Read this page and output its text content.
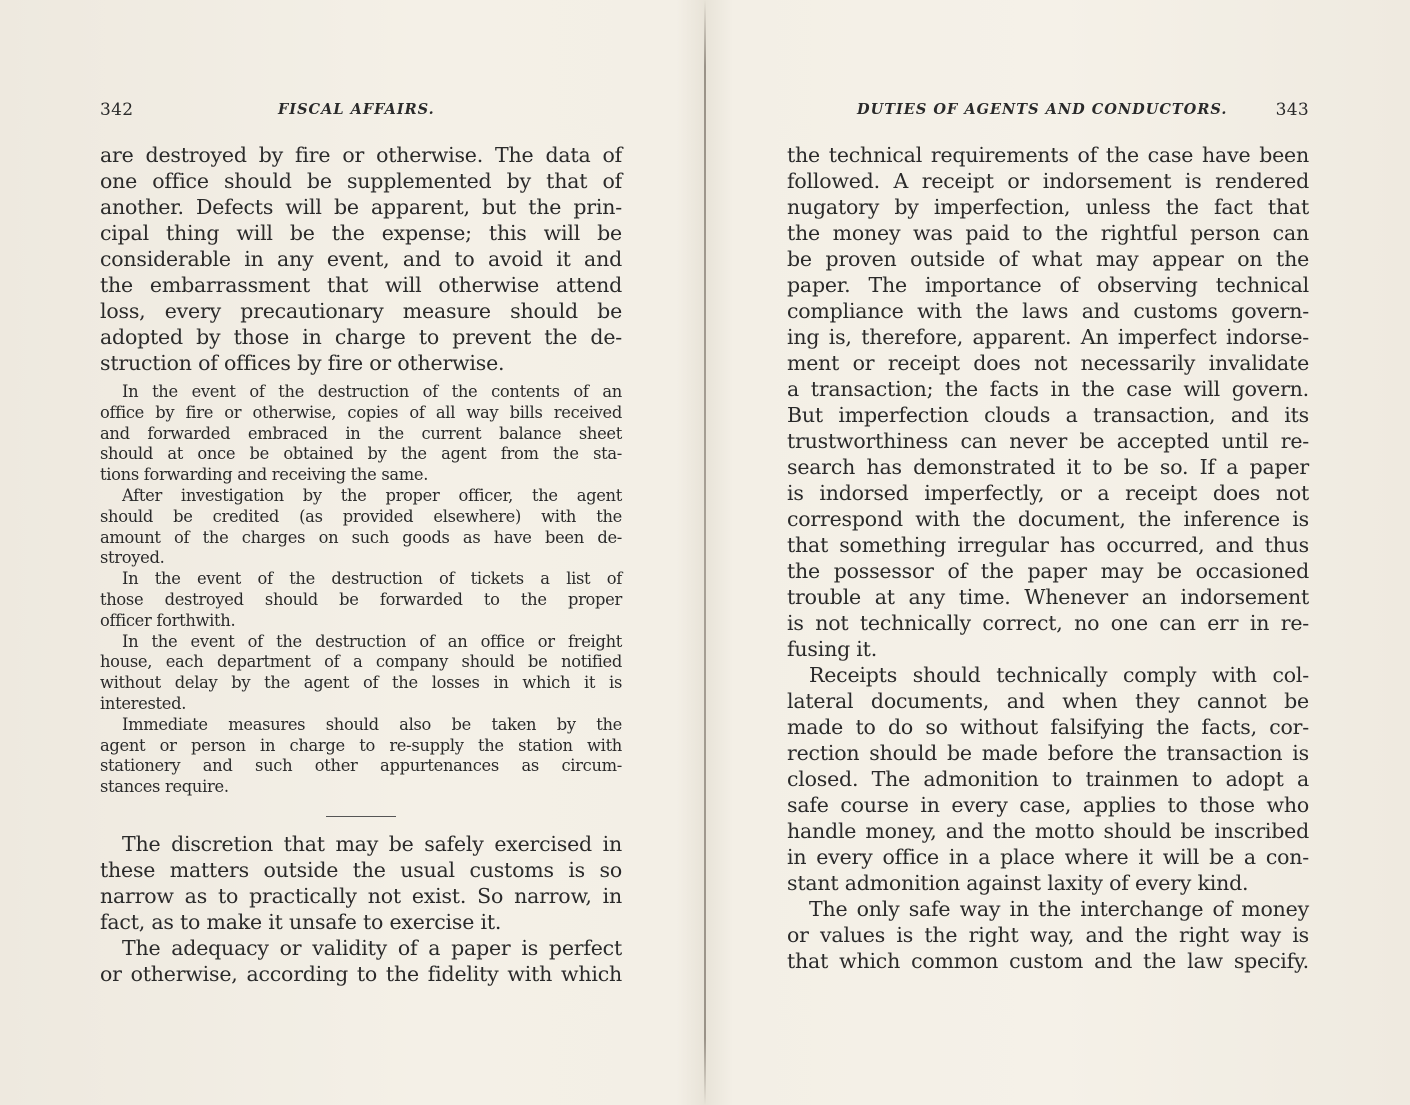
342	FISCAL AFFAIRS.
are destroyed by fire or otherwise. The data of
one office should be supplemented by that of
another. Defects will be apparent, but the prin-
cipal thing will be the expense; this will be
considerable in any event, and to avoid it and
the embarrassment that will otherwise attend
loss, every precautionary measure should be
adopted by those in charge to prevent the de-
struction of offices by fire or otherwise.
In the event of the destruction of the contents of an
office by fire or otherwise, copies of all way bills received
and forwarded embraced in the current balance sheet
should at once be obtained by the agent from the sta-
tions forwarding and receiving the same.
After investigation by the proper officer, the agent
should be credited (as provided elsewhere) with the
amount of the charges on such goods as have been de-
stroyed.
In the event of the destruction of tickets a list of
those destroyed should be forwarded to the proper
officer forthwith.
In the event of the destruction of an office or freight
house, each department of a company should be notified
without delay by the agent of the losses in which it is
interested.
Immediate measures should also be taken by the
agent or person in charge to re-supply the station with
stationery and such other appurtenances as circum-
stances require.
The discretion that may be safely exercised in
these matters outside the usual customs is so
narrow as to practically not exist. So narrow, in
fact, as to make it unsafe to exercise it.
The adequacy or validity of a paper is perfect
or otherwise, according to the fidelity with which
DUTIES OF AGENTS AND CONDUCTORS.	343
the technical requirements of the case have been
followed. A receipt or indorsement is rendered
nugatory by imperfection, unless the fact that
the money was paid to the rightful person can
be proven outside of what may appear on the
paper. The importance of observing technical
compliance with the laws and customs govern-
ing is, therefore, apparent. An imperfect indorse-
ment or receipt does not necessarily invalidate
a transaction; the facts in the case will govern.
But imperfection clouds a transaction, and its
trustworthiness can never be accepted until re-
search has demonstrated it to be so. If a paper
is indorsed imperfectly, or a receipt does not
correspond with the document, the inference is
that something irregular has occurred, and thus
the possessor of the paper may be occasioned
trouble at any time. Whenever an indorsement
is not technically correct, no one can err in re-
fusing it.
Receipts should technically comply with col-
lateral documents, and when they cannot be
made to do so without falsifying the facts, cor-
rection should be made before the transaction is
closed. The admonition to trainmen to adopt a
safe course in every case, applies to those who
handle money, and the motto should be inscribed
in every office in a place where it will be a con-
stant admonition against laxity of every kind.
The only safe way in the interchange of money
or values is the right way, and the right way is
that which common custom and the law specify.
